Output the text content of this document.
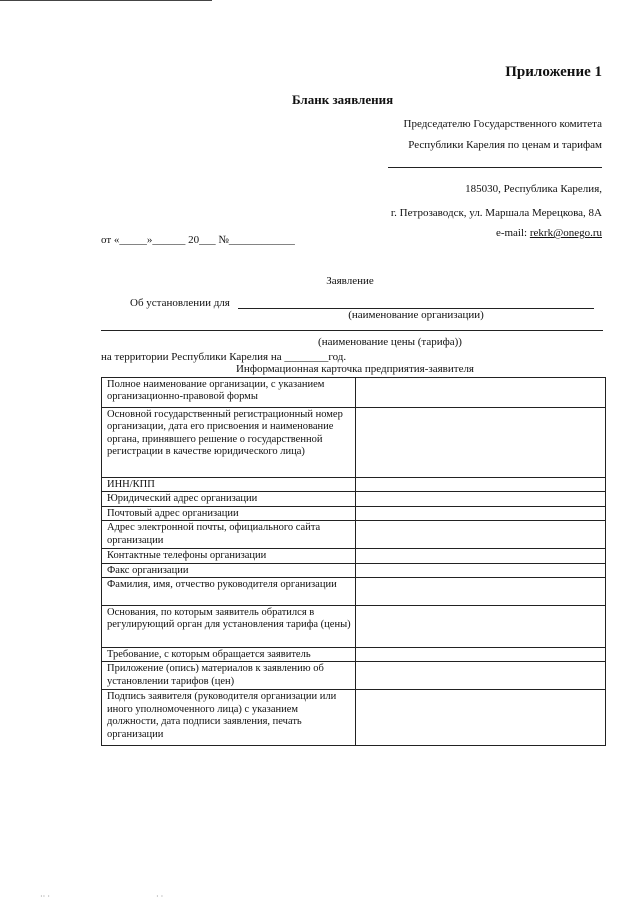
Приложение 1
Бланк заявления
Председателю Государственного комитета
Республики Карелия по ценам и тарифам
185030, Республика Карелия,
г. Петрозаводск, ул. Маршала Мерецкова, 8А
e-mail: rekrk@onego.ru
от «_____»______ 20___ №____________
Заявление
Об установлении для
(наименование организации)
(наименование цены (тарифа))
на территории Республики Карелия на ________год.
Информационная карточка предприятия-заявителя
Полное наименование организации, с указанием организационно-правовой формы	
Основной государственный регистрационный номер организации, дата его присвоения и наименование органа, принявшего решение о государственной регистрации в качестве юридического лица)	
ИНН/КПП	
Юридический адрес организации	
Почтовый адрес организации	
Адрес электронной почты, официального сайта организации	
Контактные телефоны организации	
Факс организации	
Фамилия, имя, отчество руководителя организации	
Основания, по которым заявитель обратился в регулирующий орган для установления тарифа (цены)	
Требование, с которым обращается заявитель	
Приложение (опись) материалов к заявлению об установлении тарифов (цен)	
Подпись заявителя (руководителя организации или иного уполномоченного лица) с указанием должности, дата подписи заявления, печать организации	
·· ·	· ·
